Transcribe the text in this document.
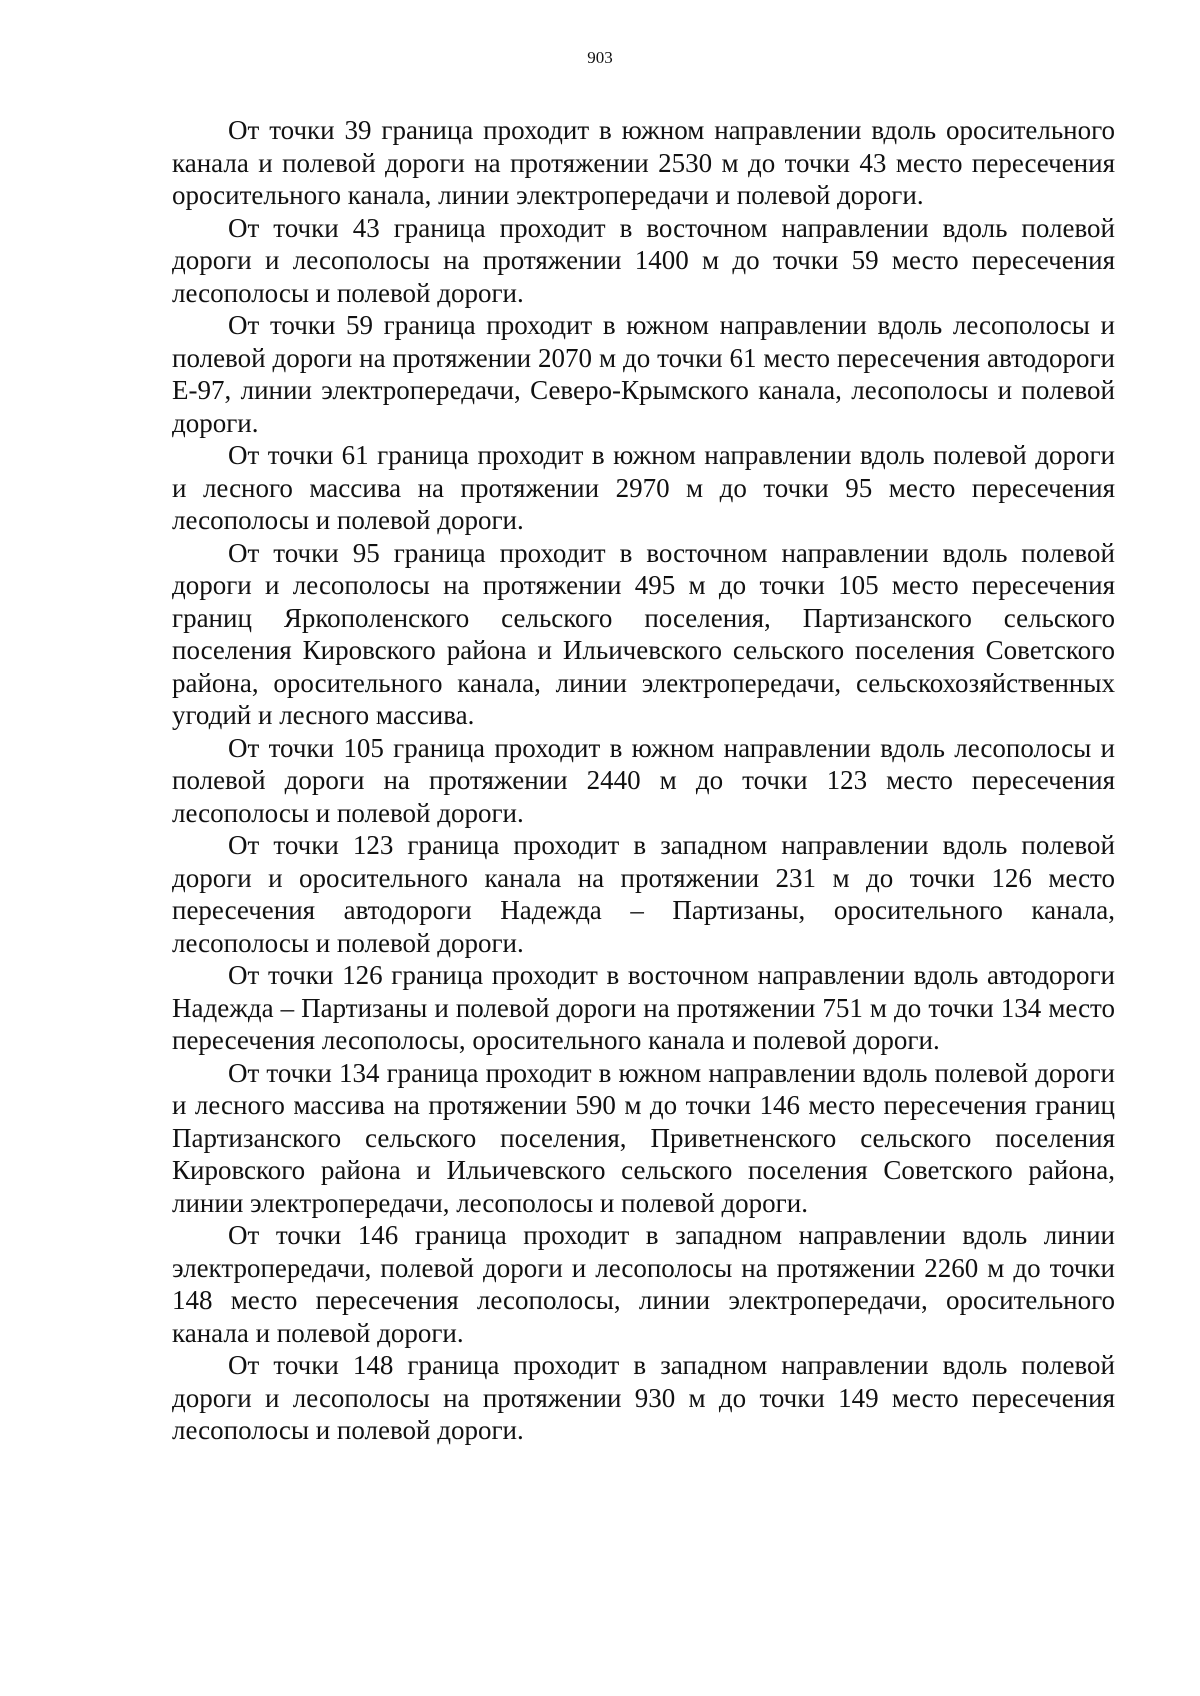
903

От точки 39 граница проходит в южном направлении вдоль оросительного канала и полевой дороги на протяжении 2530 м до точки 43 место пересечения оросительного канала, линии электропередачи и полевой дороги.

От точки 43 граница проходит в восточном направлении вдоль полевой дороги и лесополосы на протяжении 1400 м до точки 59 место пересечения лесополосы и полевой дороги.

От точки 59 граница проходит в южном направлении вдоль лесополосы и полевой дороги на протяжении 2070 м до точки 61 место пересечения автодороги Е-97, линии электропередачи, Северо-Крымского канала, лесополосы и полевой дороги.

От точки 61 граница проходит в южном направлении вдоль полевой дороги и лесного массива на протяжении 2970 м до точки 95 место пересечения лесополосы и полевой дороги.

От точки 95 граница проходит в восточном направлении вдоль полевой дороги и лесополосы на протяжении 495 м до точки 105 место пересечения границ Яркополенского сельского поселения, Партизанского сельского поселения Кировского района и Ильичевского сельского поселения Советского района, оросительного канала, линии электропередачи, сельскохозяйственных угодий и лесного массива.

От точки 105 граница проходит в южном направлении вдоль лесополосы и полевой дороги на протяжении 2440 м до точки 123 место пересечения лесополосы и полевой дороги.

От точки 123 граница проходит в западном направлении вдоль полевой дороги и оросительного канала на протяжении 231 м до точки 126 место пересечения автодороги Надежда – Партизаны, оросительного канала, лесополосы и полевой дороги.

От точки 126 граница проходит в восточном направлении вдоль автодороги Надежда – Партизаны и полевой дороги на протяжении 751 м до точки 134 место пересечения лесополосы, оросительного канала и полевой дороги.

От точки 134 граница проходит в южном направлении вдоль полевой дороги и лесного массива на протяжении 590 м до точки 146 место пересечения границ Партизанского сельского поселения, Приветненского сельского поселения Кировского района и Ильичевского сельского поселения Советского района, линии электропередачи, лесополосы и полевой дороги.

От точки 146 граница проходит в западном направлении вдоль линии электропередачи, полевой дороги и лесополосы на протяжении 2260 м до точки 148 место пересечения лесополосы, линии электропередачи, оросительного канала и полевой дороги.

От точки 148 граница проходит в западном направлении вдоль полевой дороги и лесополосы на протяжении 930 м до точки 149 место пересечения лесополосы и полевой дороги.
